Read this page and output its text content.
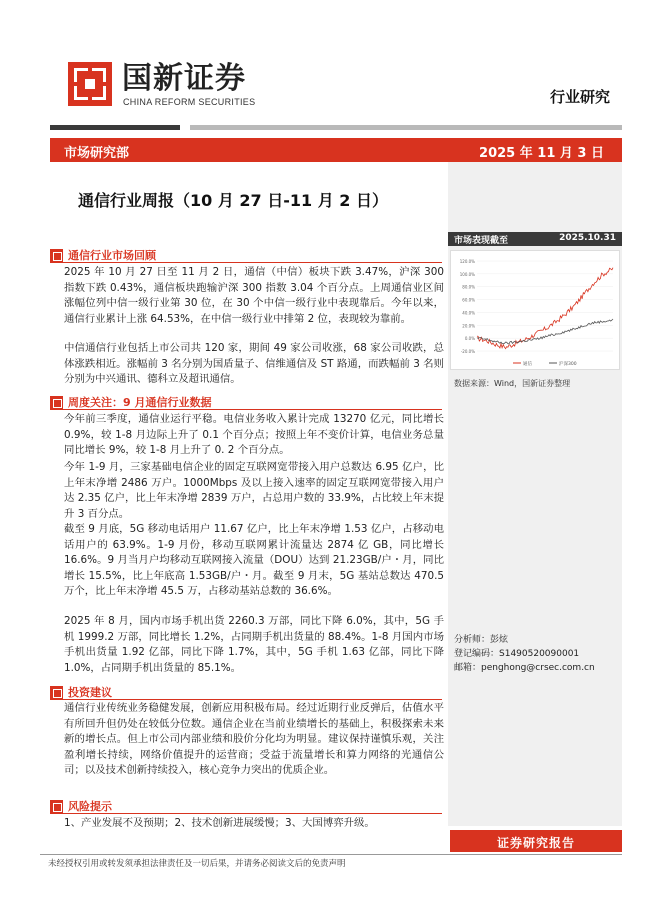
国新证券
CHINA REFORM SECURITIES	行业研究
市场研究部	2025 年 11 月 3 日
通信行业周报（10 月 27 日-11 月 2 日）
市场表现截至	2025.10.31
120.0%
100.0%
80.0%
60.0%
40.0%
20.0%
0.0%
-20.0%
通信	沪深300
数据来源：Wind，国新证券整理
分析师：彭炫
登记编码：S1490520090001
邮箱：penghong@crsec.com.cn
通信行业市场回顾
2025 年 10 月 27 日至 11 月 2 日，通信（中信）板块下跌 3.47%，沪深 300 指数下跌 0.43%，通信板块跑输沪深 300 指数 3.04 个百分点。上周通信业区间涨幅位列中信一级行业第 30 位，在 30 个中信一级行业中表现靠后。今年以来，通信行业累计上涨 64.53%，在中信一级行业中排第 2 位，表现较为靠前。
中信通信行业包括上市公司共 120 家，期间 49 家公司收涨，68 家公司收跌，总体涨跌相近。涨幅前 3 名分别为国盾量子、信维通信及 ST 路通，而跌幅前 3 名则分别为中兴通讯、德科立及超讯通信。
周度关注：9 月通信行业数据
今年前三季度，通信业运行平稳。电信业务收入累计完成 13270 亿元，同比增长 0.9%，较 1-8 月边际上升了 0.1 个百分点；按照上年不变价计算，电信业务总量同比增长 9%，较 1-8 月上升了 0. 2 个百分点。
今年 1-9 月，三家基础电信企业的固定互联网宽带接入用户总数达 6.95 亿户，比上年末净增 2486 万户。1000Mbps 及以上接入速率的固定互联网宽带接入用户达 2.35 亿户，比上年末净增 2839 万户，占总用户数的 33.9%，占比较上年末提升 3 百分点。
截至 9 月底，5G 移动电话用户 11.67 亿户，比上年末净增 1.53 亿户，占移动电话用户的 63.9%。1-9 月份，移动互联网累计流量达 2874 亿 GB，同比增长 16.6%。9 月当月户均移动互联网接入流量（DOU）达到 21.23GB/户・月，同比增长 15.5%，比上年底高 1.53GB/户・月。截至 9 月末，5G 基站总数达 470.5 万个，比上年末净增 45.5 万，占移动基站总数的 36.6%。
2025 年 8 月，国内市场手机出货 2260.3 万部，同比下降 6.0%，其中，5G 手机 1999.2 万部，同比增长 1.2%，占同期手机出货量的 88.4%。1-8 月国内市场手机出货量 1.92 亿部，同比下降 1.7%，其中，5G 手机 1.63 亿部，同比下降 1.0%，占同期手机出货量的 85.1%。
投资建议
通信行业传统业务稳健发展，创新应用积极布局。经过近期行业反弹后，估值水平有所回升但仍处在较低分位数。通信企业在当前业绩增长的基础上，积极探索未来新的增长点。但上市公司内部业绩和股价分化均为明显。建议保持谨慎乐观，关注盈利增长持续，网络价值提升的运营商；受益于流量增长和算力网络的光通信公司；以及技术创新持续投入，核心竞争力突出的优质企业。
风险提示
1、产业发展不及预期；2、技术创新进展缓慢；3、大国博弈升级。
证券研究报告
未经授权引用或转发须承担法律责任及一切后果，并请务必阅读文后的免责声明
